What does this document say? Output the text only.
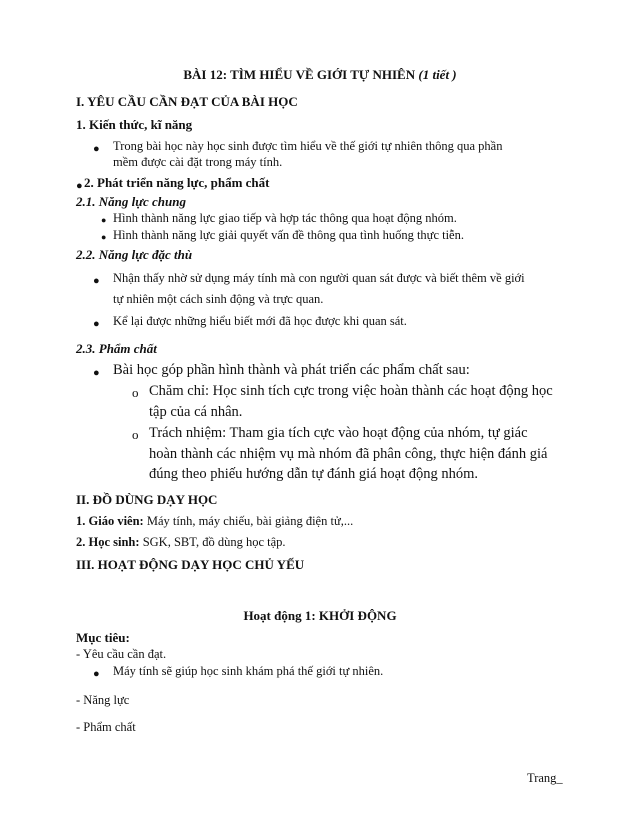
BÀI 12: TÌM HIỂU VỀ GIỚI TỰ NHIÊN (1 tiết )
I. YÊU CẦU CẦN ĐẠT CỦA BÀI HỌC
1. Kiến thức, kĩ năng
● Trong bài học này học sinh được tìm hiểu về thế giới tự nhiên thông qua phần
mềm được cài đặt trong máy tính.
● 2. Phát triển năng lực, phẩm chất
2.1. Năng lực chung
● Hình thành năng lực giao tiếp và hợp tác thông qua hoạt động nhóm.
● Hình thành năng lực giải quyết vấn đề thông qua tình huống thực tiễn.
2.2. Năng lực đặc thù
● Nhận thấy nhờ sử dụng máy tính mà con người quan sát được và biết thêm về giới
tự nhiên một cách sinh động và trực quan.
● Kể lại được những hiểu biết mới đã học được khi quan sát.
2.3. Phẩm chất
● Bài học góp phần hình thành và phát triển các phẩm chất sau:
o Chăm chỉ: Học sinh tích cực trong việc hoàn thành các hoạt động học
tập của cá nhân.
o Trách nhiệm: Tham gia tích cực vào hoạt động của nhóm, tự giác
hoàn thành các nhiệm vụ mà nhóm đã phân công, thực hiện đánh giá
đúng theo phiếu hướng dẫn tự đánh giá hoạt động nhóm.
II. ĐỒ DÙNG DẠY HỌC
1. Giáo viên: Máy tính, máy chiếu, bài giảng điện tử,...
2. Học sinh: SGK, SBT, đồ dùng học tập.
III. HOẠT ĐỘNG DẠY HỌC CHỦ YẾU
Hoạt động 1: KHỞI ĐỘNG
Mục tiêu:
- Yêu cầu cần đạt.
● Máy tính sẽ giúp học sinh khám phá thế giới tự nhiên.
- Năng lực
- Phẩm chất
Trang_
